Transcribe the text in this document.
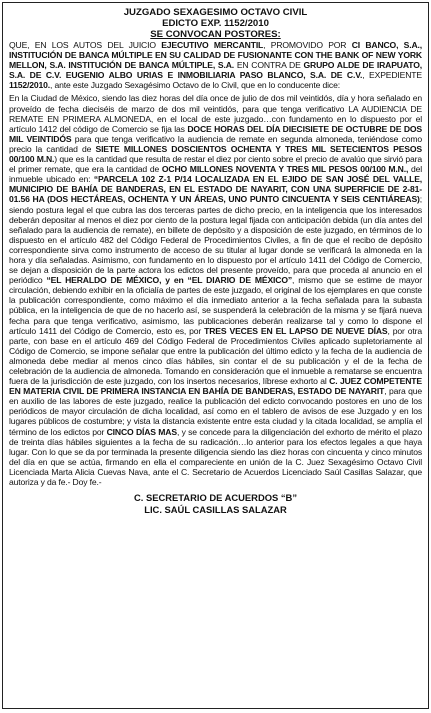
JUZGADO SEXAGESIMO OCTAVO CIVIL
EDICTO EXP. 1152/2010
SE CONVOCAN POSTORES:

QUE, EN LOS AUTOS DEL JUICIO EJECUTIVO MERCANTIL, PROMOVIDO POR CI BANCO, S.A., INSTITUCIÓN DE BANCA MÚLTIPLE EN SU CALIDAD DE FUSIONANTE CON THE BANK OF NEW YORK MELLON, S.A. INSTITUCIÓN DE BANCA MÚLTIPLE, S.A. EN CONTRA DE GRUPO ALDE DE IRAPUATO, S.A. DE C.V. EUGENIO ALBO URIAS E INMOBILIARIA PASO BLANCO, S.A. DE C.V., EXPEDIENTE 1152/2010., ante este Juzgado Sexagésimo Octavo de lo Civil, que en lo conducente dice:

En la Ciudad de México, siendo las diez horas del día once de julio de dos mil veintidós, día y hora señalado en proveído de fecha dieciséis de marzo de dos mil veintidós, para que tenga verificativo LA AUDIENCIA DE REMATE EN PRIMERA ALMONEDA, en el local de este juzgado…con fundamento en lo dispuesto por el artículo 1412 del código de Comercio se fija las DOCE HORAS DEL DÍA DIECISIETE DE OCTUBRE DE DOS MIL VEINTIDÓS para que tenga verificativo la audiencia de remate en segunda almoneda, teniéndose como precio la cantidad de SIETE MILLONES DOSCIENTOS OCHENTA Y TRES MIL SETECIENTOS PESOS 00/100 M.N.) que es la cantidad que resulta de restar el diez por ciento sobre el precio de avalúo que sirvió para el primer remate, que era la cantidad de OCHO MILLONES NOVENTA Y TRES MIL PESOS 00/100 M.N., del inmueble ubicado en: “PARCELA 102 Z-1 P/14 LOCALIZADA EN EL EJIDO DE SAN JOSÉ DEL VALLE, MUNICIPIO DE BAHÍA DE BANDERAS, EN EL ESTADO DE NAYARIT, CON UNA SUPERFICIE DE 2-81-01.56 HA (DOS HECTÁREAS, OCHENTA Y UN ÁREAS, UNO PUNTO CINCUENTA Y SEIS CENTIÁREAS); siendo postura legal el que cubra las dos terceras partes de dicho precio, en la inteligencia que los interesados deberán depositar al menos el diez por ciento de la postura legal fijada con anticipación debida (un día antes del señalado para la audiencia de remate), en billete de depósito y a disposición de este juzgado, en términos de lo dispuesto en el artículo 482 del Código Federal de Procedimientos Civiles, a fin de que el recibo de depósito correspondiente sirva como instrumento de acceso de su titular al lugar donde se verificará la almoneda en la hora y día señaladas. Asimismo, con fundamento en lo dispuesto por el artículo 1411 del Código de Comercio, se dejan a disposición de la parte actora los edictos del presente proveído, para que proceda al anuncio en el periódico “EL HERALDO DE MÉXICO, y en “EL DIARIO DE MÉXICO”, mismo que se estime de mayor circulación, debiendo exhibir en la oficialía de partes de este juzgado, el original de los ejemplares en que conste la publicación correspondiente, como máximo el día inmediato anterior a la fecha señalada para la subasta pública, en la inteligencia de que de no hacerlo así, se suspenderá la celebración de la misma y se fijará nueva fecha para que tenga verificativo, asimismo, las publicaciones deberán realizarse tal y como lo dispone el artículo 1411 del Código de Comercio, esto es, por TRES VECES EN EL LAPSO DE NUEVE DÍAS, por otra parte, con base en el artículo 469 del Código Federal de Procedimientos Civiles aplicado supletoriamente al Código de Comercio, se impone señalar que entre la publicación del último edicto y la fecha de la audiencia de almoneda debe mediar al menos cinco días hábiles, sin contar el de su publicación y el de la fecha de celebración de la audiencia de almoneda. Tomando en consideración que el inmueble a rematarse se encuentra fuera de la jurisdicción de este juzgado, con los insertos necesarios, líbrese exhorto al C. JUEZ COMPETENTE EN MATERIA CIVIL DE PRIMERA INSTANCIA EN BAHÍA DE BANDERAS, ESTADO DE NAYARIT, para que en auxilio de las labores de este juzgado, realice la publicación del edicto convocando postores en uno de los periódicos de mayor circulación de dicha localidad, así como en el tablero de avisos de ese Juzgado y en los lugares públicos de costumbre; y vista la distancia existente entre esta ciudad y la citada localidad, se amplía el término de los edictos por CINCO DÍAS MAS, y se concede para la diligenciación del exhorto de mérito el plazo de treinta días hábiles siguientes a la fecha de su radicación…lo anterior para los efectos legales a que haya lugar. Con lo que se da por terminada la presente diligencia siendo las diez horas con cincuenta y cinco minutos del día en que se actúa, firmando en ella el compareciente en unión de la C. Juez Sexagésimo Octavo Civil Licenciada Marta Alicia Cuevas Nava, ante el C. Secretario de Acuerdos Licenciado Saúl Casillas Salazar, que autoriza y da fe.- Doy fe.-

C. SECRETARIO DE ACUERDOS “B”
LIC. SAÚL CASILLAS SALAZAR
